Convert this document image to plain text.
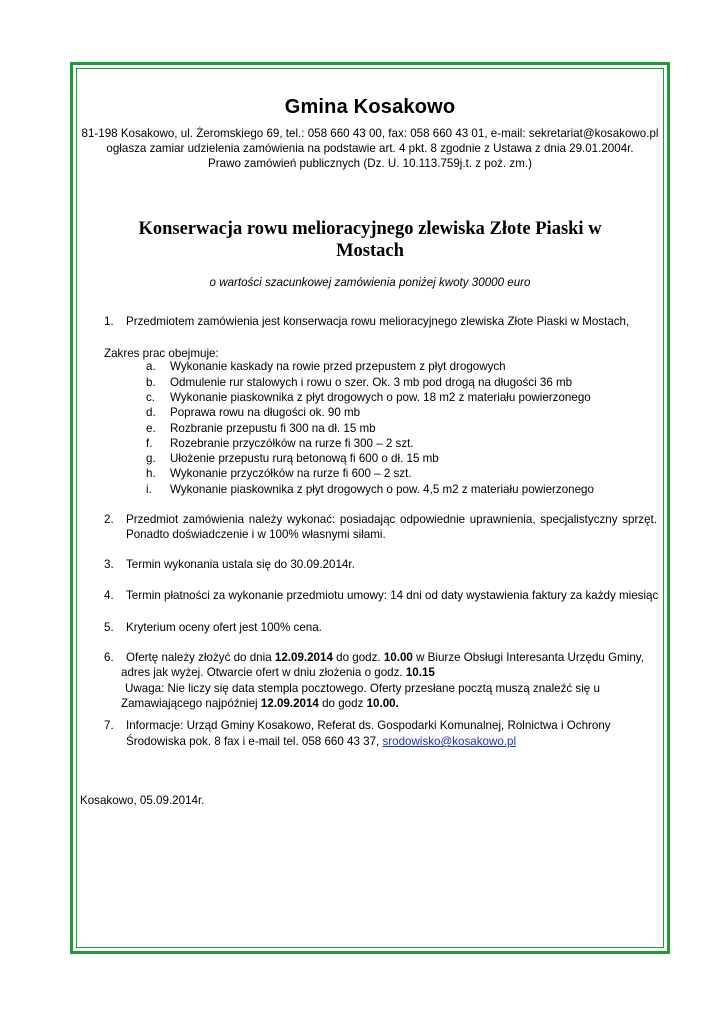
Gmina Kosakowo
81-198 Kosakowo, ul. Żeromskiego 69, tel.: 058 660 43 00, fax: 058 660 43 01, e-mail: sekretariat@kosakowo.pl
ogłasza zamiar udzielenia zamówienia na podstawie art. 4 pkt. 8 zgodnie z Ustawa z dnia 29.01.2004r.
Prawo zamówień publicznych (Dz. U. 10.113.759j.t. z poż. zm.)
Konserwacja rowu melioracyjnego zlewiska Złote Piaski w
Mostach
o wartości szacunkowej zamówienia poniżej kwoty 30000 euro
1. Przedmiotem zamówienia jest konserwacja rowu melioracyjnego zlewiska Złote Piaski w Mostach,
Zakres prac obejmuje:
a. Wykonanie kaskady na rowie przed przepustem z płyt drogowych
b. Odmulenie rur stalowych i rowu o szer. Ok. 3 mb pod drogą na długości 36 mb
c. Wykonanie piaskownika z płyt drogowych o pow. 18 m2 z materiału powierzonego
d. Poprawa rowu na długości ok. 90 mb
e. Rozbranie przepustu fi 300 na dł. 15 mb
f. Rozebranie przyczółków na rurze fi 300 – 2 szt.
g. Ułożenie przepustu rurą betonową fi 600 o dł. 15 mb
h. Wykonanie przyczółków na rurze fi 600 – 2 szt.
i. Wykonanie piaskownika z płyt drogowych o pow. 4,5 m2 z materiału powierzonego
2. Przedmiot zamówienia należy wykonać: posiadając odpowiednie uprawnienia, specjalistyczny sprzęt.
Ponadto doświadczenie i w 100% własnymi siłami.
3. Termin wykonania ustala się do 30.09.2014r.
4. Termin płatności za wykonanie przedmiotu umowy: 14 dni od daty wystawienia faktury za każdy miesiąc
5. Kryterium oceny ofert jest 100% cena.
6. Ofertę należy złożyć do dnia 12.09.2014 do godz. 10.00 w Biurze Obsługi Interesanta Urzędu Gminy,
adres jak wyżej. Otwarcie ofert w dniu złożenia o godz. 10.15
Uwaga: Nie liczy się data stempla pocztowego. Oferty przesłane pocztą muszą znaleźć się u
Zamawiającego najpóźniej 12.09.2014 do godz 10.00.
7. Informacje: Urząd Gminy Kosakowo, Referat ds. Gospodarki Komunalnej, Rolnictwa i Ochrony
Środowiska pok. 8 fax i e-mail tel. 058 660 43 37, srodowisko@kosakowo.pl
Kosakowo, 05.09.2014r.
